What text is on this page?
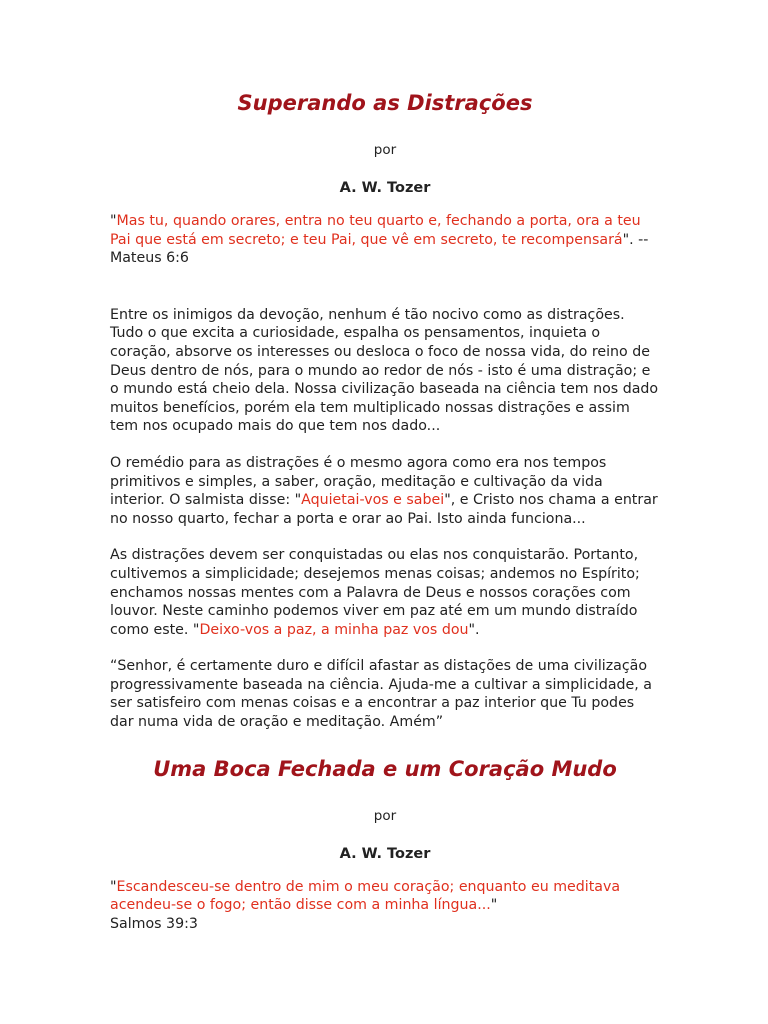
Superando as Distrações
por
A. W. Tozer

"Mas tu, quando orares, entra no teu quarto e, fechando a porta, ora a teu Pai que está em secreto; e teu Pai, que vê em secreto, te recompensará". -- Mateus 6:6

Entre os inimigos da devoção, nenhum é tão nocivo como as distrações. Tudo o que excita a curiosidade, espalha os pensamentos, inquieta o coração, absorve os interesses ou desloca o foco de nossa vida, do reino de Deus dentro de nós, para o mundo ao redor de nós - isto é uma distração; e o mundo está cheio dela. Nossa civilização baseada na ciência tem nos dado muitos benefícios, porém ela tem multiplicado nossas distrações e assim tem nos ocupado mais do que tem nos dado...

O remédio para as distrações é o mesmo agora como era nos tempos primitivos e simples, a saber, oração, meditação e cultivação da vida interior. O salmista disse: "Aquietai-vos e sabei", e Cristo nos chama a entrar no nosso quarto, fechar a porta e orar ao Pai. Isto ainda funciona...

As distrações devem ser conquistadas ou elas nos conquistarão. Portanto, cultivemos a simplicidade; desejemos menas coisas; andemos no Espírito; enchamos nossas mentes com a Palavra de Deus e nossos corações com louvor. Neste caminho podemos viver em paz até em um mundo distraído como este. "Deixo-vos a paz, a minha paz vos dou".

“Senhor, é certamente duro e difícil afastar as distações de uma civilização progressivamente baseada na ciência. Ajuda-me a cultivar a simplicidade, a ser satisfeiro com menas coisas e a encontrar a paz interior que Tu podes dar numa vida de oração e meditação. Amém”

Uma Boca Fechada e um Coração Mudo
por
A. W. Tozer

"Escandesceu-se dentro de mim o meu coração; enquanto eu meditava acendeu-se o fogo; então disse com a minha língua..."
Salmos 39:3
